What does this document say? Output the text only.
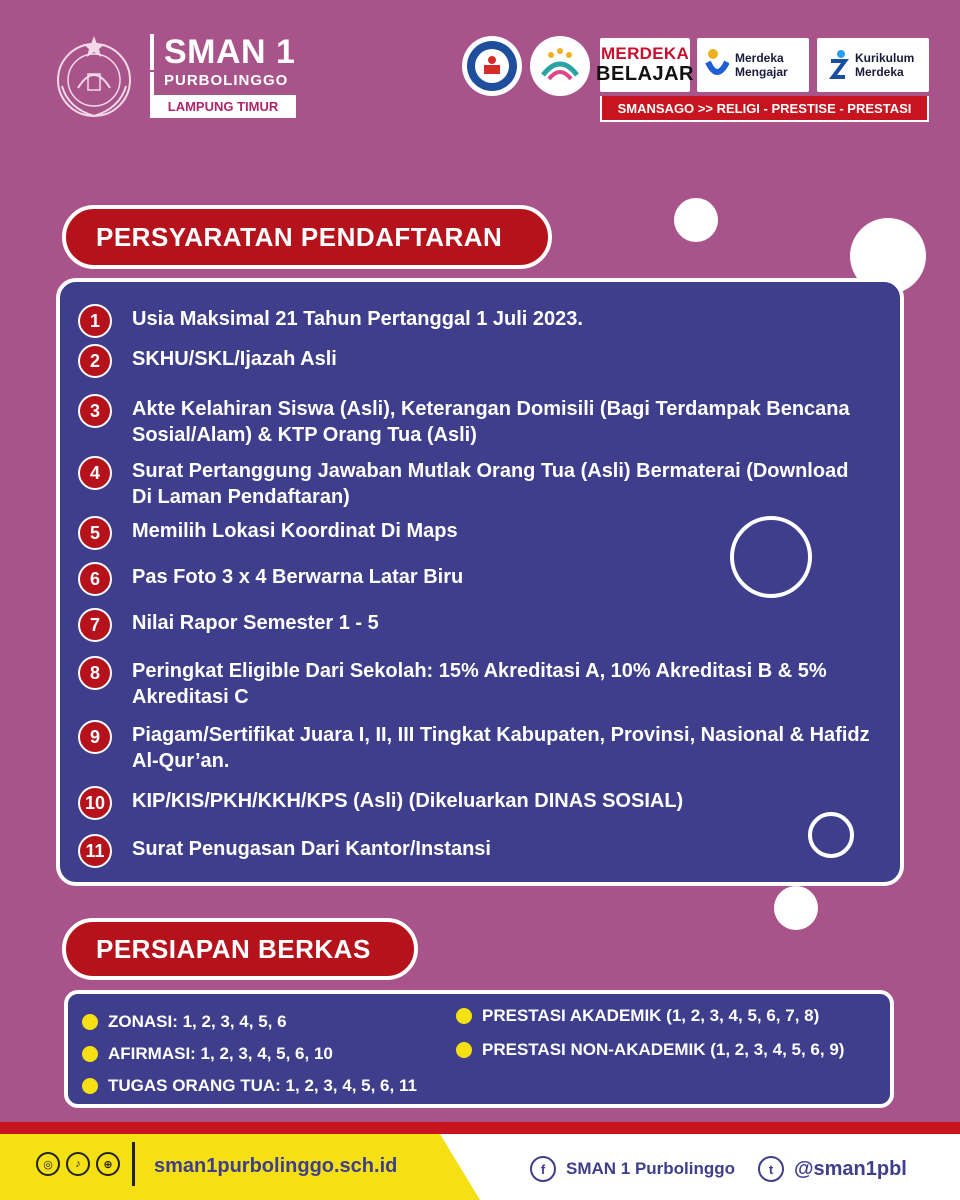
SMAN 1
PURBOLINGGO
LAMPUNG TIMUR
MERDEKA
BELAJAR
Merdeka
Mengajar
Kurikulum
Merdeka
SMANSAGO >> RELIGI - PRESTISE - PRESTASI
PERSYARATAN PENDAFTARAN
1	Usia Maksimal 21 Tahun Pertanggal 1 Juli 2023.
2	SKHU/SKL/Ijazah Asli
3	Akte Kelahiran Siswa (Asli), Keterangan Domisili (Bagi Terdampak Bencana Sosial/Alam) & KTP Orang Tua (Asli)
4	Surat Pertanggung Jawaban Mutlak Orang Tua (Asli) Bermaterai (Download Di Laman Pendaftaran)
5	Memilih Lokasi Koordinat Di Maps
6	Pas Foto 3 x 4 Berwarna Latar Biru
7	Nilai Rapor Semester 1 - 5
8	Peringkat Eligible Dari Sekolah: 15% Akreditasi A, 10% Akreditasi B & 5% Akreditasi C
9	Piagam/Sertifikat Juara I, II, III Tingkat Kabupaten, Provinsi, Nasional & Hafidz Al-Qur’an.
10	KIP/KIS/PKH/KKH/KPS (Asli) (Dikeluarkan DINAS SOSIAL)
11	Surat Penugasan Dari Kantor/Instansi
PERSIAPAN BERKAS
ZONASI: 1, 2, 3, 4, 5, 6
AFIRMASI: 1, 2, 3, 4, 5, 6, 10
TUGAS ORANG TUA: 1, 2, 3, 4, 5, 6, 11
PRESTASI AKADEMIK (1, 2, 3, 4, 5, 6, 7, 8)
PRESTASI NON-AKADEMIK (1, 2, 3, 4, 5, 6, 9)
◎	♪	⊕	sman1purbolinggo.sch.id	f	SMAN 1 Purbolinggo	t	@sman1pbl
